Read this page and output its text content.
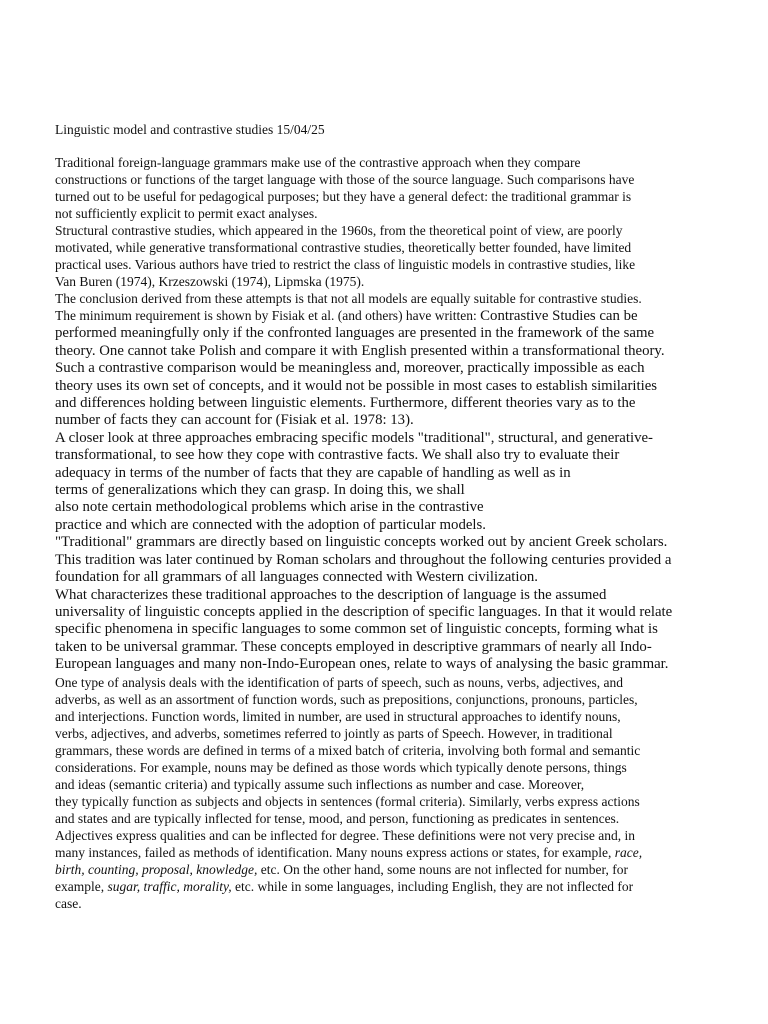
Linguistic model and contrastive studies 15/04/25
Traditional foreign-language grammars make use of the contrastive approach when they compare
constructions or functions of the target language with those of the source language. Such comparisons have
turned out to be useful for pedagogical purposes; but they have a general defect: the traditional grammar is
not sufficiently explicit to permit exact analyses.
Structural contrastive studies, which appeared in the 1960s, from the theoretical point of view, are poorly
motivated, while generative transformational contrastive studies, theoretically better founded, have limited
practical uses. Various authors have tried to restrict the class of linguistic models in contrastive studies, like
Van Buren (1974), Krzeszowski (1974), Lipmska (1975).
The conclusion derived from these attempts is that not all models are equally suitable for contrastive studies.
The minimum requirement is shown by Fisiak et al. (and others) have written: Contrastive Studies can be
performed meaningfully only if the confronted languages are presented in the framework of the same
theory. One cannot take Polish and compare it with English presented within a transformational theory.
Such a contrastive comparison would be meaningless and, moreover, practically impossible as each
theory uses its own set of concepts, and it would not be possible in most cases to establish similarities
and differences holding between linguistic elements. Furthermore, different theories vary as to the
number of facts they can account for (Fisiak et al. 1978: 13).
A closer look at three approaches embracing specific models "traditional", structural, and generative-
transformational, to see how they cope with contrastive facts. We shall also try to evaluate their
adequacy in terms of the number of facts that they are capable of handling as well as in
terms of generalizations which they can grasp. In doing this, we shall
also note certain methodological problems which arise in the contrastive
practice and which are connected with the adoption of particular models.
"Traditional" grammars are directly based on linguistic concepts worked out by ancient Greek scholars.
This tradition was later continued by Roman scholars and throughout the following centuries provided a
foundation for all grammars of all languages connected with Western civilization.
What characterizes these traditional approaches to the description of language is the assumed
universality of linguistic concepts applied in the description of specific languages. In that it would relate
specific phenomena in specific languages to some common set of linguistic concepts, forming what is
taken to be universal grammar. These concepts employed in descriptive grammars of nearly all Indo-
European languages and many non-Indo-European ones, relate to ways of analysing the basic grammar.
One type of analysis deals with the identification of parts of speech, such as nouns, verbs, adjectives, and
adverbs, as well as an assortment of function words, such as prepositions, conjunctions, pronouns, particles,
and interjections. Function words, limited in number, are used in structural approaches to identify nouns,
verbs, adjectives, and adverbs, sometimes referred to jointly as parts of Speech. However, in traditional
grammars, these words are defined in terms of a mixed batch of criteria, involving both formal and semantic
considerations. For example, nouns may be defined as those words which typically denote persons, things
and ideas (semantic criteria) and typically assume such inflections as number and case. Moreover,
they typically function as subjects and objects in sentences (formal criteria). Similarly, verbs express actions
and states and are typically inflected for tense, mood, and person, functioning as predicates in sentences.
Adjectives express qualities and can be inflected for degree. These definitions were not very precise and, in
many instances, failed as methods of identification. Many nouns express actions or states, for example, race,
birth, counting, proposal, knowledge, etc. On the other hand, some nouns are not inflected for number, for
example, sugar, traffic, morality, etc. while in some languages, including English, they are not inflected for
case.
